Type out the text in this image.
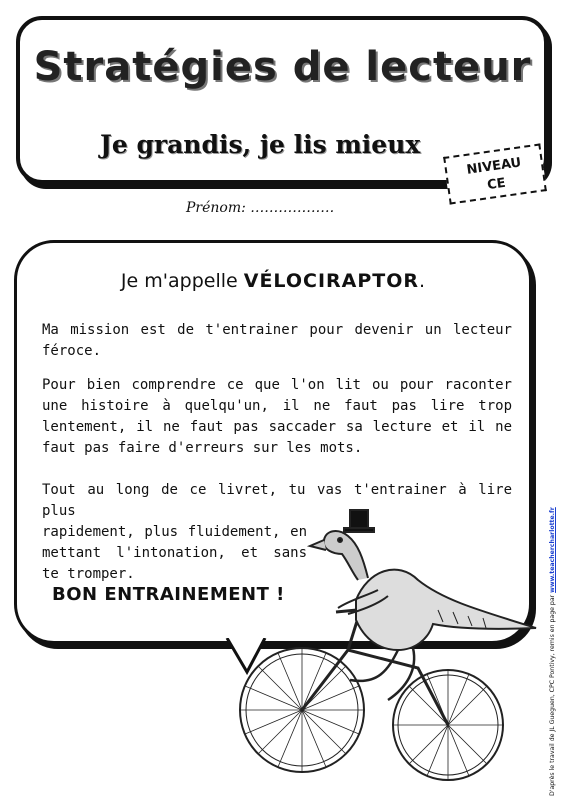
Stratégies de lecteur
Je grandis, je lis mieux
NIVEAU
CE
Prénom: ………………
Je m'appelle VÉLOCIRAPTOR.
Ma mission est de t'entrainer pour devenir un lecteur féroce.
Pour bien comprendre ce que l'on lit ou pour raconter une histoire à quelqu'un, il ne faut pas lire trop lentement, il ne faut pas saccader sa lecture et il ne faut pas faire d'erreurs sur les mots.
Tout au long de ce livret, tu vas t'entrainer à lire plus
rapidement, plus fluidement, en mettant l'intonation, et sans te tromper.
BON ENTRAINEMENT !	D'après le travail de JL Gueguen, CPC Pontivy, remis en page par www.teachercharlotte.fr
